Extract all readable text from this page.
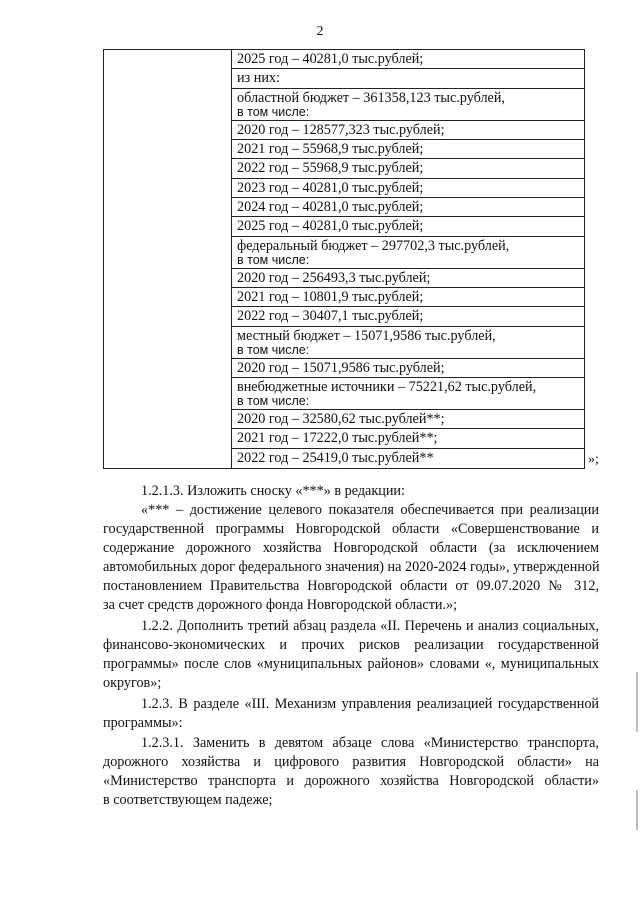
2
2025 год – 40281,0 тыс.рублей;
из них:
областной бюджет – 361358,123 тыс.рублей,
в том числе:
2020 год – 128577,323 тыс.рублей;
2021 год – 55968,9 тыс.рублей;
2022 год – 55968,9 тыс.рублей;
2023 год – 40281,0 тыс.рублей;
2024 год – 40281,0 тыс.рублей;
2025 год – 40281,0 тыс.рублей;
федеральный бюджет – 297702,3 тыс.рублей,
в том числе:
2020 год – 256493,3 тыс.рублей;
2021 год – 10801,9 тыс.рублей;
2022 год – 30407,1 тыс.рублей;
местный бюджет – 15071,9586 тыс.рублей,
в том числе:
2020 год – 15071,9586 тыс.рублей;
внебюджетные источники – 75221,62 тыс.рублей,
в том числе:
2020 год – 32580,62 тыс.рублей**;
2021 год – 17222,0 тыс.рублей**;
2022 год – 25419,0 тыс.рублей**	»;
1.2.1.3. Изложить сноску «***» в редакции:
«*** – достижение целевого показателя обеспечивается при реализации
государственной программы Новгородской области «Совершенствование и
содержание дорожного хозяйства Новгородской области (за исключением
автомобильных дорог федерального значения) на 2020-2024 годы», утвержденной
постановлением Правительства Новгородской области от 09.07.2020 № 312,
за счет средств дорожного фонда Новгородской области.»;
1.2.2. Дополнить третий абзац раздела «II. Перечень и анализ социальных,
финансово-экономических и прочих рисков реализации государственной
программы» после слов «муниципальных районов» словами «, муниципальных
округов»;
1.2.3. В разделе «III. Механизм управления реализацией государственной
программы»:
1.2.3.1. Заменить в девятом абзаце слова «Министерство транспорта,
дорожного хозяйства и цифрового развития Новгородской области» на
«Министерство транспорта и дорожного хозяйства Новгородской области»
в соответствующем падеже;
